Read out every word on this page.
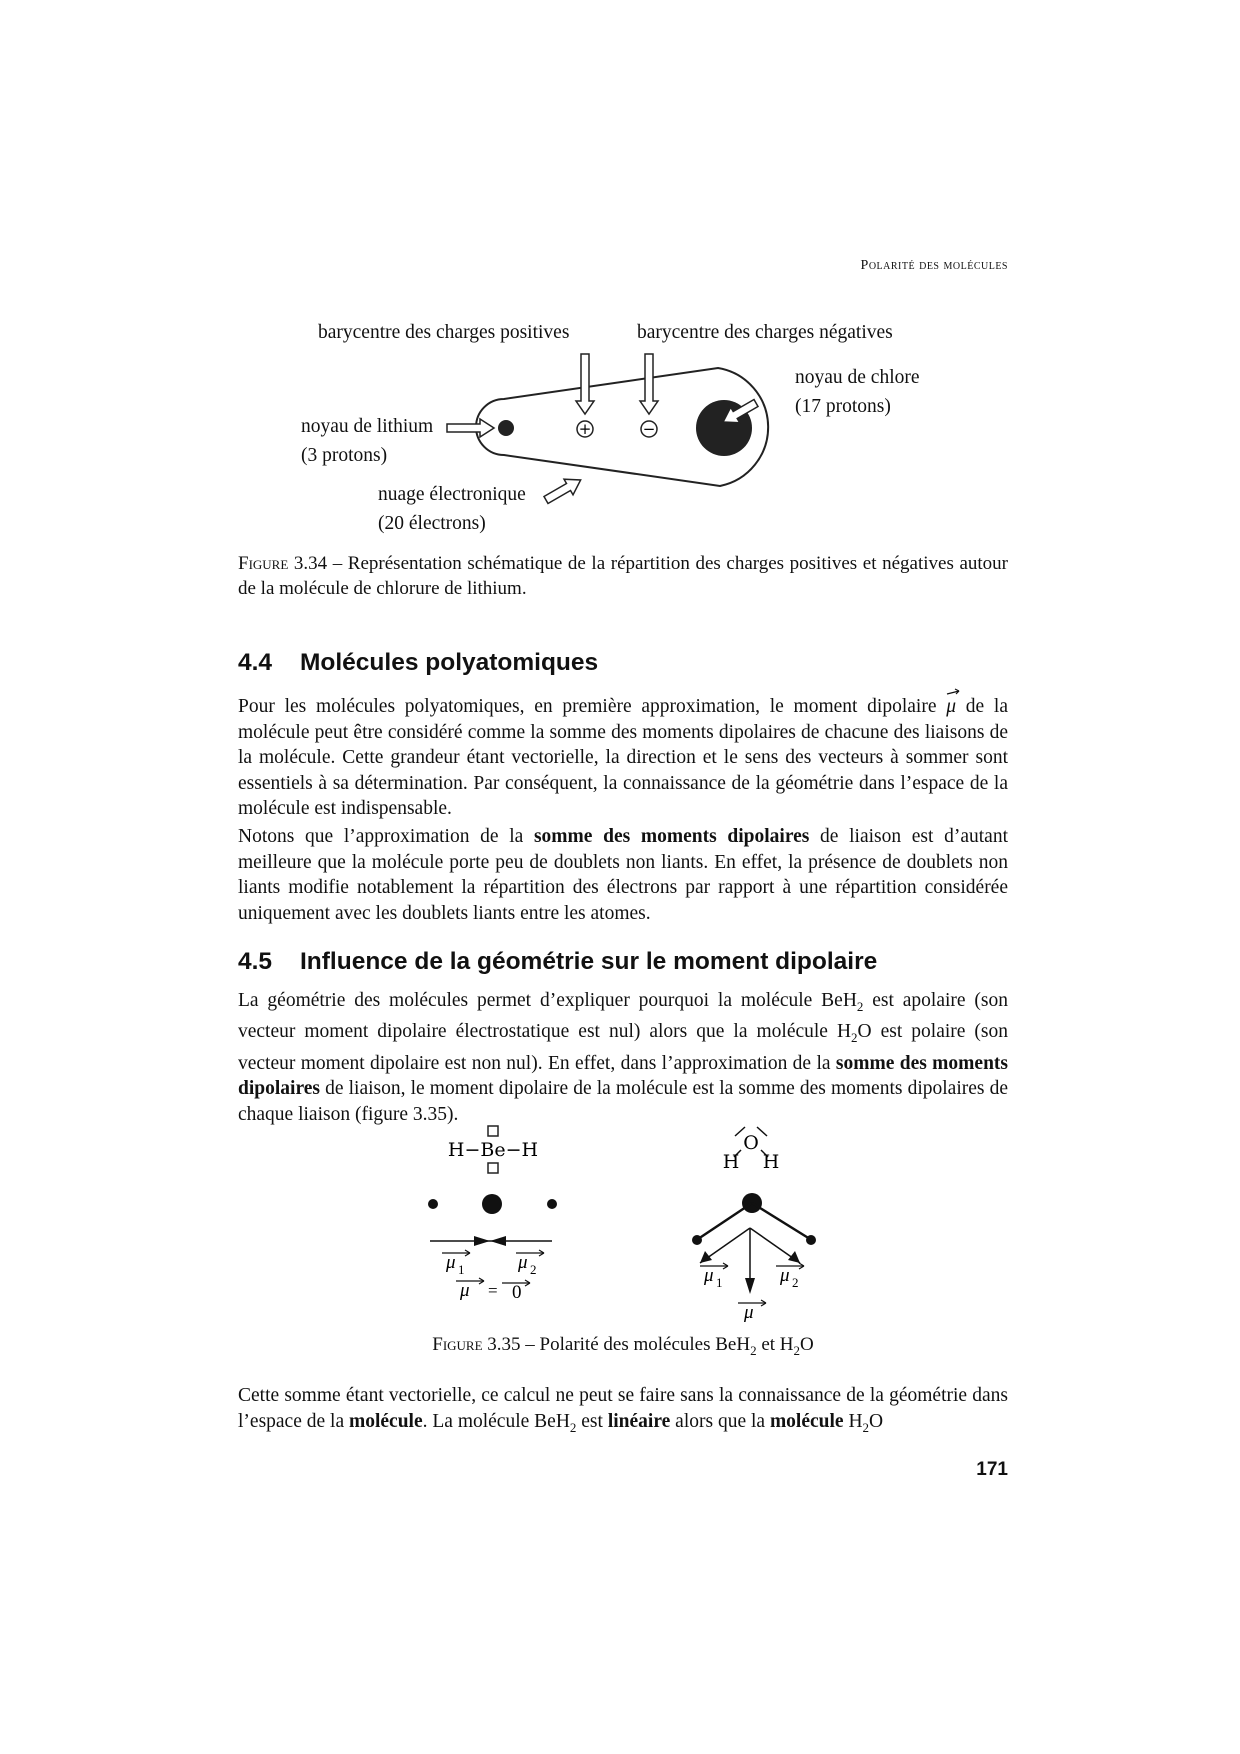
Polarité des molécules
barycentre des charges positives	barycentre des charges négatives
noyau de chlore
(17 protons)
noyau de lithium
(3 protons)
nuage électronique
(20 électrons)
+	−
Figure 3.34 – Représentation schématique de la répartition des charges positives et négatives autour de la molécule de chlorure de lithium.
4.4 Molécules polyatomiques
Pour les molécules polyatomiques, en première approximation, le moment dipolaire μ
de la molécule peut être considéré comme la somme des moments dipolaires de chacune des liaisons de la molécule. Cette grandeur étant vectorielle, la direction et le sens des vecteurs à sommer sont essentiels à sa détermination. Par conséquent, la connaissance de la géométrie dans l’espace de la molécule est indispensable.
Notons que l’approximation de la somme des moments dipolaires de liaison est d’autant meilleure que la molécule porte peu de doublets non liants. En effet, la présence de doublets non liants modifie notablement la répartition des électrons par rapport à une répartition considérée uniquement avec les doublets liants entre les atomes.
4.5 Influence de la géométrie sur le moment dipolaire
La géométrie des molécules permet d’expliquer pourquoi la molécule BeH$_2$ est apolaire (son vecteur moment dipolaire électrostatique est nul) alors que la molécule $H_2O$ est polaire (son vecteur moment dipolaire est non nul). En effet, dans l’approximation de la somme des moments dipolaires de liaison, le moment dipolaire de la molécule est la somme des moments dipolaires de chaque liaison (figure 3.35).
H−Be−H
μ 1	μ 2
μ = 0
O
H H
μ 1	μ 2
μ
Figure 3.35 – Polarité des molécules BeH$_2$ et $H_2O$
Cette somme étant vectorielle, ce calcul ne peut se faire sans la connaissance de la géométrie dans l’espace de la molécule. La molécule BeH$_2$ est linéaire alors que la molécule $H_2O$
171
